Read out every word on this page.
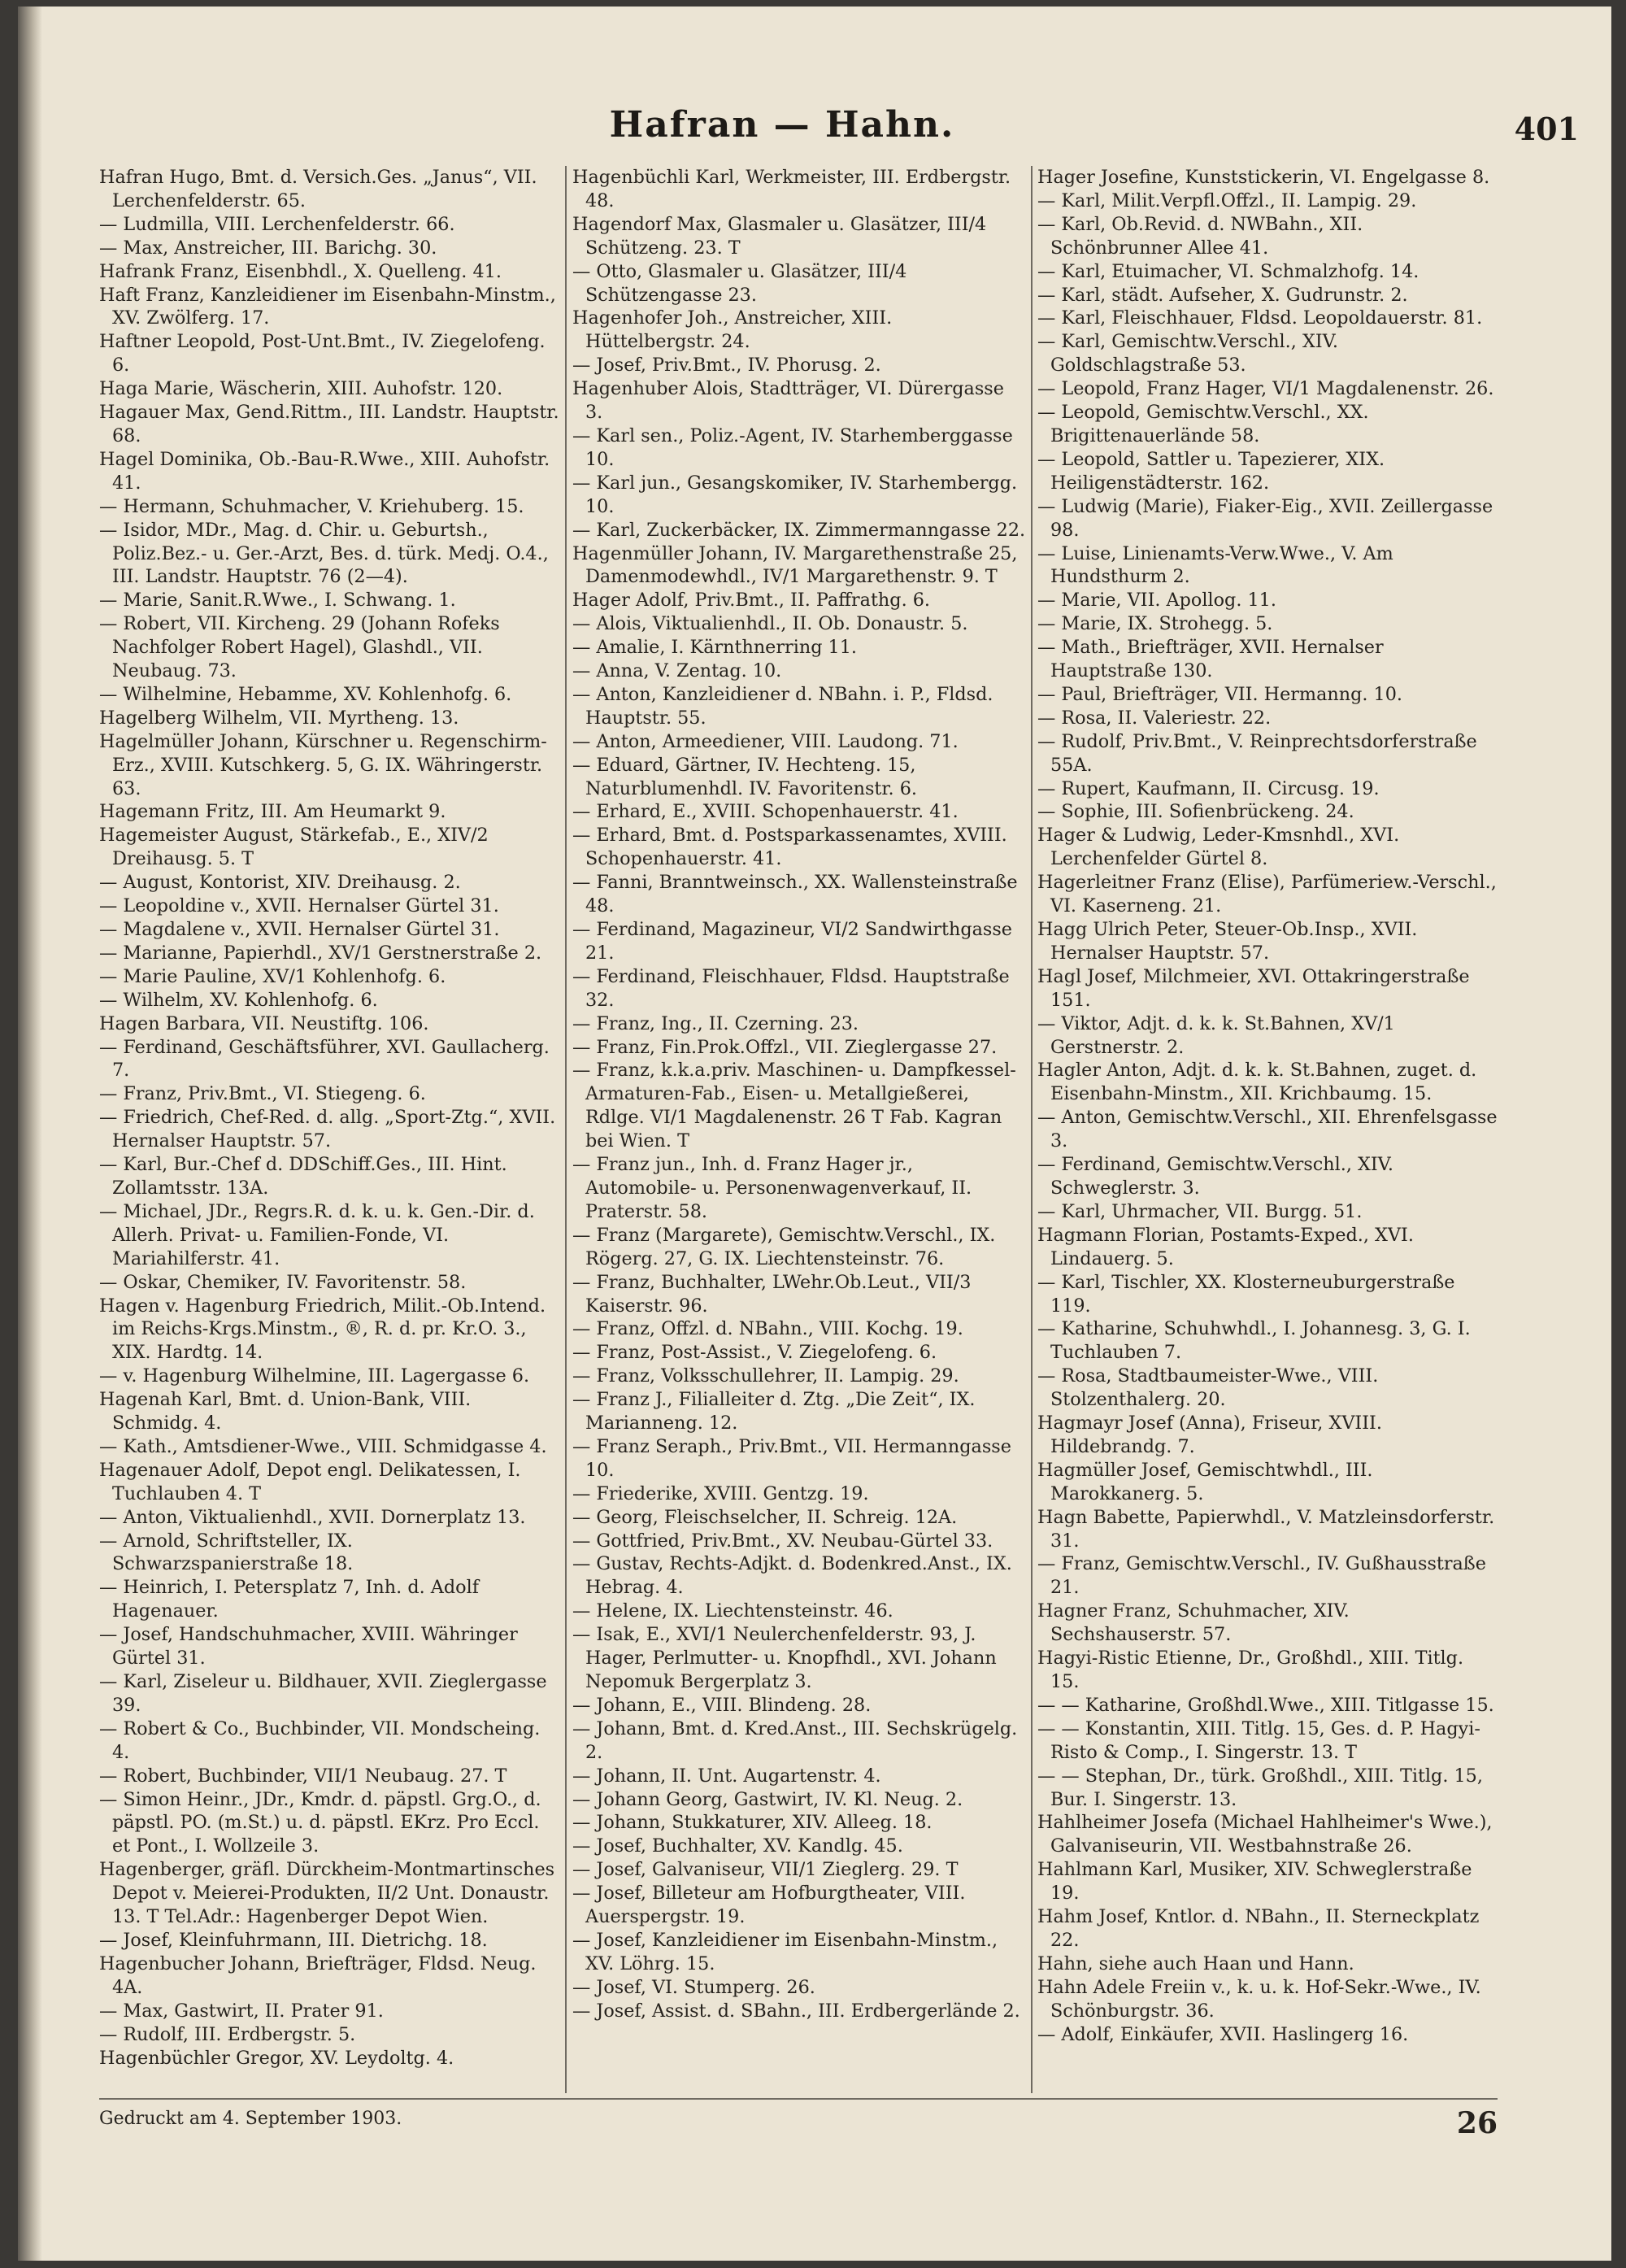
Hafran — Hahn.	401

Hafran Hugo, Bmt. d. Versich.Ges. „Janus“, VII. Lerchenfelderstr. 65.

— Ludmilla, VIII. Lerchenfelderstr. 66.

— Max, Anstreicher, III. Barichg. 30.

Hafrank Franz, Eisenbhdl., X. Quelleng. 41.

Haft Franz, Kanzleidiener im Eisenbahn-Minstm., XV. Zwölferg. 17.

Haftner Leopold, Post-Unt.Bmt., IV. Ziegelofeng. 6.

Haga Marie, Wäscherin, XIII. Auhofstr. 120.

Hagauer Max, Gend.Rittm., III. Landstr. Hauptstr. 68.

Hagel Dominika, Ob.-Bau-R.Wwe., XIII. Auhofstr. 41.

— Hermann, Schuhmacher, V. Kriehuberg. 15.

— Isidor, MDr., Mag. d. Chir. u. Geburtsh., Poliz.Bez.- u. Ger.-Arzt, Bes. d. türk. Medj. O.4., III. Landstr. Hauptstr. 76 (2—4).

— Marie, Sanit.R.Wwe., I. Schwang. 1.

— Robert, VII. Kircheng. 29 (Johann Rofeks Nachfolger Robert Hagel), Glashdl., VII. Neubaug. 73.

— Wilhelmine, Hebamme, XV. Kohlenhofg. 6.

Hagelberg Wilhelm, VII. Myrtheng. 13.

Hagelmüller Johann, Kürschner u. Regenschirm-Erz., XVIII. Kutschkerg. 5, G. IX. Währingerstr. 63.

Hagemann Fritz, III. Am Heumarkt 9.

Hagemeister August, Stärkefab., E., XIV/2 Dreihausg. 5. T

— August, Kontorist, XIV. Dreihausg. 2.

— Leopoldine v., XVII. Hernalser Gürtel 31.

— Magdalene v., XVII. Hernalser Gürtel 31.

— Marianne, Papierhdl., XV/1 Gerstnerstraße 2.

— Marie Pauline, XV/1 Kohlenhofg. 6.

— Wilhelm, XV. Kohlenhofg. 6.

Hagen Barbara, VII. Neustiftg. 106.

— Ferdinand, Geschäftsführer, XVI. Gaullacherg. 7.

— Franz, Priv.Bmt., VI. Stiegeng. 6.

— Friedrich, Chef-Red. d. allg. „Sport-Ztg.“, XVII. Hernalser Hauptstr. 57.

— Karl, Bur.-Chef d. DDSchiff.Ges., III. Hint. Zollamtsstr. 13A.

— Michael, JDr., Regrs.R. d. k. u. k. Gen.-Dir. d. Allerh. Privat- u. Familien-Fonde, VI. Mariahilferstr. 41.

— Oskar, Chemiker, IV. Favoritenstr. 58.

Hagen v. Hagenburg Friedrich, Milit.-Ob.Intend. im Reichs-Krgs.Minstm., ®, R. d. pr. Kr.O. 3., XIX. Hardtg. 14.

— v. Hagenburg Wilhelmine, III. Lagergasse 6.

Hagenah Karl, Bmt. d. Union-Bank, VIII. Schmidg. 4.

— Kath., Amtsdiener-Wwe., VIII. Schmidgasse 4.

Hagenauer Adolf, Depot engl. Delikatessen, I. Tuchlauben 4. T

— Anton, Viktualienhdl., XVII. Dornerplatz 13.

— Arnold, Schriftsteller, IX. Schwarzspanierstraße 18.

— Heinrich, I. Petersplatz 7, Inh. d. Adolf Hagenauer.

— Josef, Handschuhmacher, XVIII. Währinger Gürtel 31.

— Karl, Ziseleur u. Bildhauer, XVII. Zieglergasse 39.

— Robert & Co., Buchbinder, VII. Mondscheing. 4.

— Robert, Buchbinder, VII/1 Neubaug. 27. T

— Simon Heinr., JDr., Kmdr. d. päpstl. Grg.O., d. päpstl. PO. (m.St.) u. d. päpstl. EKrz. Pro Eccl. et Pont., I. Wollzeile 3.

Hagenberger, gräfl. Dürckheim-Montmartinsches Depot v. Meierei-Produkten, II/2 Unt. Donaustr. 13. T Tel.Adr.: Hagenberger Depot Wien.

— Josef, Kleinfuhrmann, III. Dietrichg. 18.

Hagenbucher Johann, Briefträger, Fldsd. Neug. 4A.

— Max, Gastwirt, II. Prater 91.

— Rudolf, III. Erdbergstr. 5.

Hagenbüchler Gregor, XV. Leydoltg. 4.

Hagenbüchli Karl, Werkmeister, III. Erdbergstr. 48.

Hagendorf Max, Glasmaler u. Glasätzer, III/4 Schützeng. 23. T

— Otto, Glasmaler u. Glasätzer, III/4 Schützengasse 23.

Hagenhofer Joh., Anstreicher, XIII. Hüttelbergstr. 24.

— Josef, Priv.Bmt., IV. Phorusg. 2.

Hagenhuber Alois, Stadtträger, VI. Dürergasse 3.

— Karl sen., Poliz.-Agent, IV. Starhemberggasse 10.

— Karl jun., Gesangskomiker, IV. Starhembergg. 10.

— Karl, Zuckerbäcker, IX. Zimmermanngasse 22.

Hagenmüller Johann, IV. Margarethenstraße 25, Damenmodewhdl., IV/1 Margarethenstr. 9. T

Hager Adolf, Priv.Bmt., II. Paffrathg. 6.

— Alois, Viktualienhdl., II. Ob. Donaustr. 5.

— Amalie, I. Kärnthnerring 11.

— Anna, V. Zentag. 10.

— Anton, Kanzleidiener d. NBahn. i. P., Fldsd. Hauptstr. 55.

— Anton, Armeediener, VIII. Laudong. 71.

— Eduard, Gärtner, IV. Hechteng. 15, Naturblumenhdl. IV. Favoritenstr. 6.

— Erhard, E., XVIII. Schopenhauerstr. 41.

— Erhard, Bmt. d. Postsparkassenamtes, XVIII. Schopenhauerstr. 41.

— Fanni, Branntweinsch., XX. Wallensteinstraße 48.

— Ferdinand, Magazineur, VI/2 Sandwirthgasse 21.

— Ferdinand, Fleischhauer, Fldsd. Hauptstraße 32.

— Franz, Ing., II. Czerning. 23.

— Franz, Fin.Prok.Offzl., VII. Zieglergasse 27.

— Franz, k.k.a.priv. Maschinen- u. Dampfkessel-Armaturen-Fab., Eisen- u. Metallgießerei, Rdlge. VI/1 Magdalenenstr. 26 T Fab. Kagran bei Wien. T

— Franz jun., Inh. d. Franz Hager jr., Automobile- u. Personenwagenverkauf, II. Praterstr. 58.

— Franz (Margarete), Gemischtw.Verschl., IX. Rögerg. 27, G. IX. Liechtensteinstr. 76.

— Franz, Buchhalter, LWehr.Ob.Leut., VII/3 Kaiserstr. 96.

— Franz, Offzl. d. NBahn., VIII. Kochg. 19.

— Franz, Post-Assist., V. Ziegelofeng. 6.

— Franz, Volksschullehrer, II. Lampig. 29.

— Franz J., Filialleiter d. Ztg. „Die Zeit“, IX. Marianneng. 12.

— Franz Seraph., Priv.Bmt., VII. Hermanngasse 10.

— Friederike, XVIII. Gentzg. 19.

— Georg, Fleischselcher, II. Schreig. 12A.

— Gottfried, Priv.Bmt., XV. Neubau-Gürtel 33.

— Gustav, Rechts-Adjkt. d. Bodenkred.Anst., IX. Hebrag. 4.

— Helene, IX. Liechtensteinstr. 46.

— Isak, E., XVI/1 Neulerchenfelderstr. 93, J. Hager, Perlmutter- u. Knopfhdl., XVI. Johann Nepomuk Bergerplatz 3.

— Johann, E., VIII. Blindeng. 28.

— Johann, Bmt. d. Kred.Anst., III. Sechskrügelg. 2.

— Johann, II. Unt. Augartenstr. 4.

— Johann Georg, Gastwirt, IV. Kl. Neug. 2.

— Johann, Stukkaturer, XIV. Alleeg. 18.

— Josef, Buchhalter, XV. Kandlg. 45.

— Josef, Galvaniseur, VII/1 Zieglerg. 29. T

— Josef, Billeteur am Hofburgtheater, VIII. Auerspergstr. 19.

— Josef, Kanzleidiener im Eisenbahn-Minstm., XV. Löhrg. 15.

— Josef, VI. Stumperg. 26.

— Josef, Assist. d. SBahn., III. Erdbergerlände 2.

Hager Josefine, Kunststickerin, VI. Engelgasse 8.

— Karl, Milit.Verpfl.Offzl., II. Lampig. 29.

— Karl, Ob.Revid. d. NWBahn., XII. Schönbrunner Allee 41.

— Karl, Etuimacher, VI. Schmalzhofg. 14.

— Karl, städt. Aufseher, X. Gudrunstr. 2.

— Karl, Fleischhauer, Fldsd. Leopoldauerstr. 81.

— Karl, Gemischtw.Verschl., XIV. Goldschlagstraße 53.

— Leopold, Franz Hager, VI/1 Magdalenenstr. 26.

— Leopold, Gemischtw.Verschl., XX. Brigittenauerlände 58.

— Leopold, Sattler u. Tapezierer, XIX. Heiligenstädterstr. 162.

— Ludwig (Marie), Fiaker-Eig., XVII. Zeillergasse 98.

— Luise, Linienamts-Verw.Wwe., V. Am Hundsthurm 2.

— Marie, VII. Apollog. 11.

— Marie, IX. Strohegg. 5.

— Math., Briefträger, XVII. Hernalser Hauptstraße 130.

— Paul, Briefträger, VII. Hermanng. 10.

— Rosa, II. Valeriestr. 22.

— Rudolf, Priv.Bmt., V. Reinprechtsdorferstraße 55A.

— Rupert, Kaufmann, II. Circusg. 19.

— Sophie, III. Sofienbrückeng. 24.

Hager & Ludwig, Leder-Kmsnhdl., XVI. Lerchenfelder Gürtel 8.

Hagerleitner Franz (Elise), Parfümeriew.-Verschl., VI. Kaserneng. 21.

Hagg Ulrich Peter, Steuer-Ob.Insp., XVII. Hernalser Hauptstr. 57.

Hagl Josef, Milchmeier, XVI. Ottakringerstraße 151.

— Viktor, Adjt. d. k. k. St.Bahnen, XV/1 Gerstnerstr. 2.

Hagler Anton, Adjt. d. k. k. St.Bahnen, zuget. d. Eisenbahn-Minstm., XII. Krichbaumg. 15.

— Anton, Gemischtw.Verschl., XII. Ehrenfelsgasse 3.

— Ferdinand, Gemischtw.Verschl., XIV. Schweglerstr. 3.

— Karl, Uhrmacher, VII. Burgg. 51.

Hagmann Florian, Postamts-Exped., XVI. Lindauerg. 5.

— Karl, Tischler, XX. Klosterneuburgerstraße 119.

— Katharine, Schuhwhdl., I. Johannesg. 3, G. I. Tuchlauben 7.

— Rosa, Stadtbaumeister-Wwe., VIII. Stolzenthalerg. 20.

Hagmayr Josef (Anna), Friseur, XVIII. Hildebrandg. 7.

Hagmüller Josef, Gemischtwhdl., III. Marokkanerg. 5.

Hagn Babette, Papierwhdl., V. Matzleinsdorferstr. 31.

— Franz, Gemischtw.Verschl., IV. Gußhausstraße 21.

Hagner Franz, Schuhmacher, XIV. Sechshauserstr. 57.

Hagyi-Ristic Etienne, Dr., Großhdl., XIII. Titlg. 15.

— — Katharine, Großhdl.Wwe., XIII. Titlgasse 15.

— — Konstantin, XIII. Titlg. 15, Ges. d. P. Hagyi-Risto & Comp., I. Singerstr. 13. T

— — Stephan, Dr., türk. Großhdl., XIII. Titlg. 15, Bur. I. Singerstr. 13.

Hahlheimer Josefa (Michael Hahlheimer's Wwe.), Galvaniseurin, VII. Westbahnstraße 26.

Hahlmann Karl, Musiker, XIV. Schweglerstraße 19.

Hahm Josef, Kntlor. d. NBahn., II. Sterneckplatz 22.

Hahn, siehe auch Haan und Hann.

Hahn Adele Freiin v., k. u. k. Hof-Sekr.-Wwe., IV. Schönburgstr. 36.

— Adolf, Einkäufer, XVII. Haslingerg 16.

Gedruckt am 4. September 1903.	26
